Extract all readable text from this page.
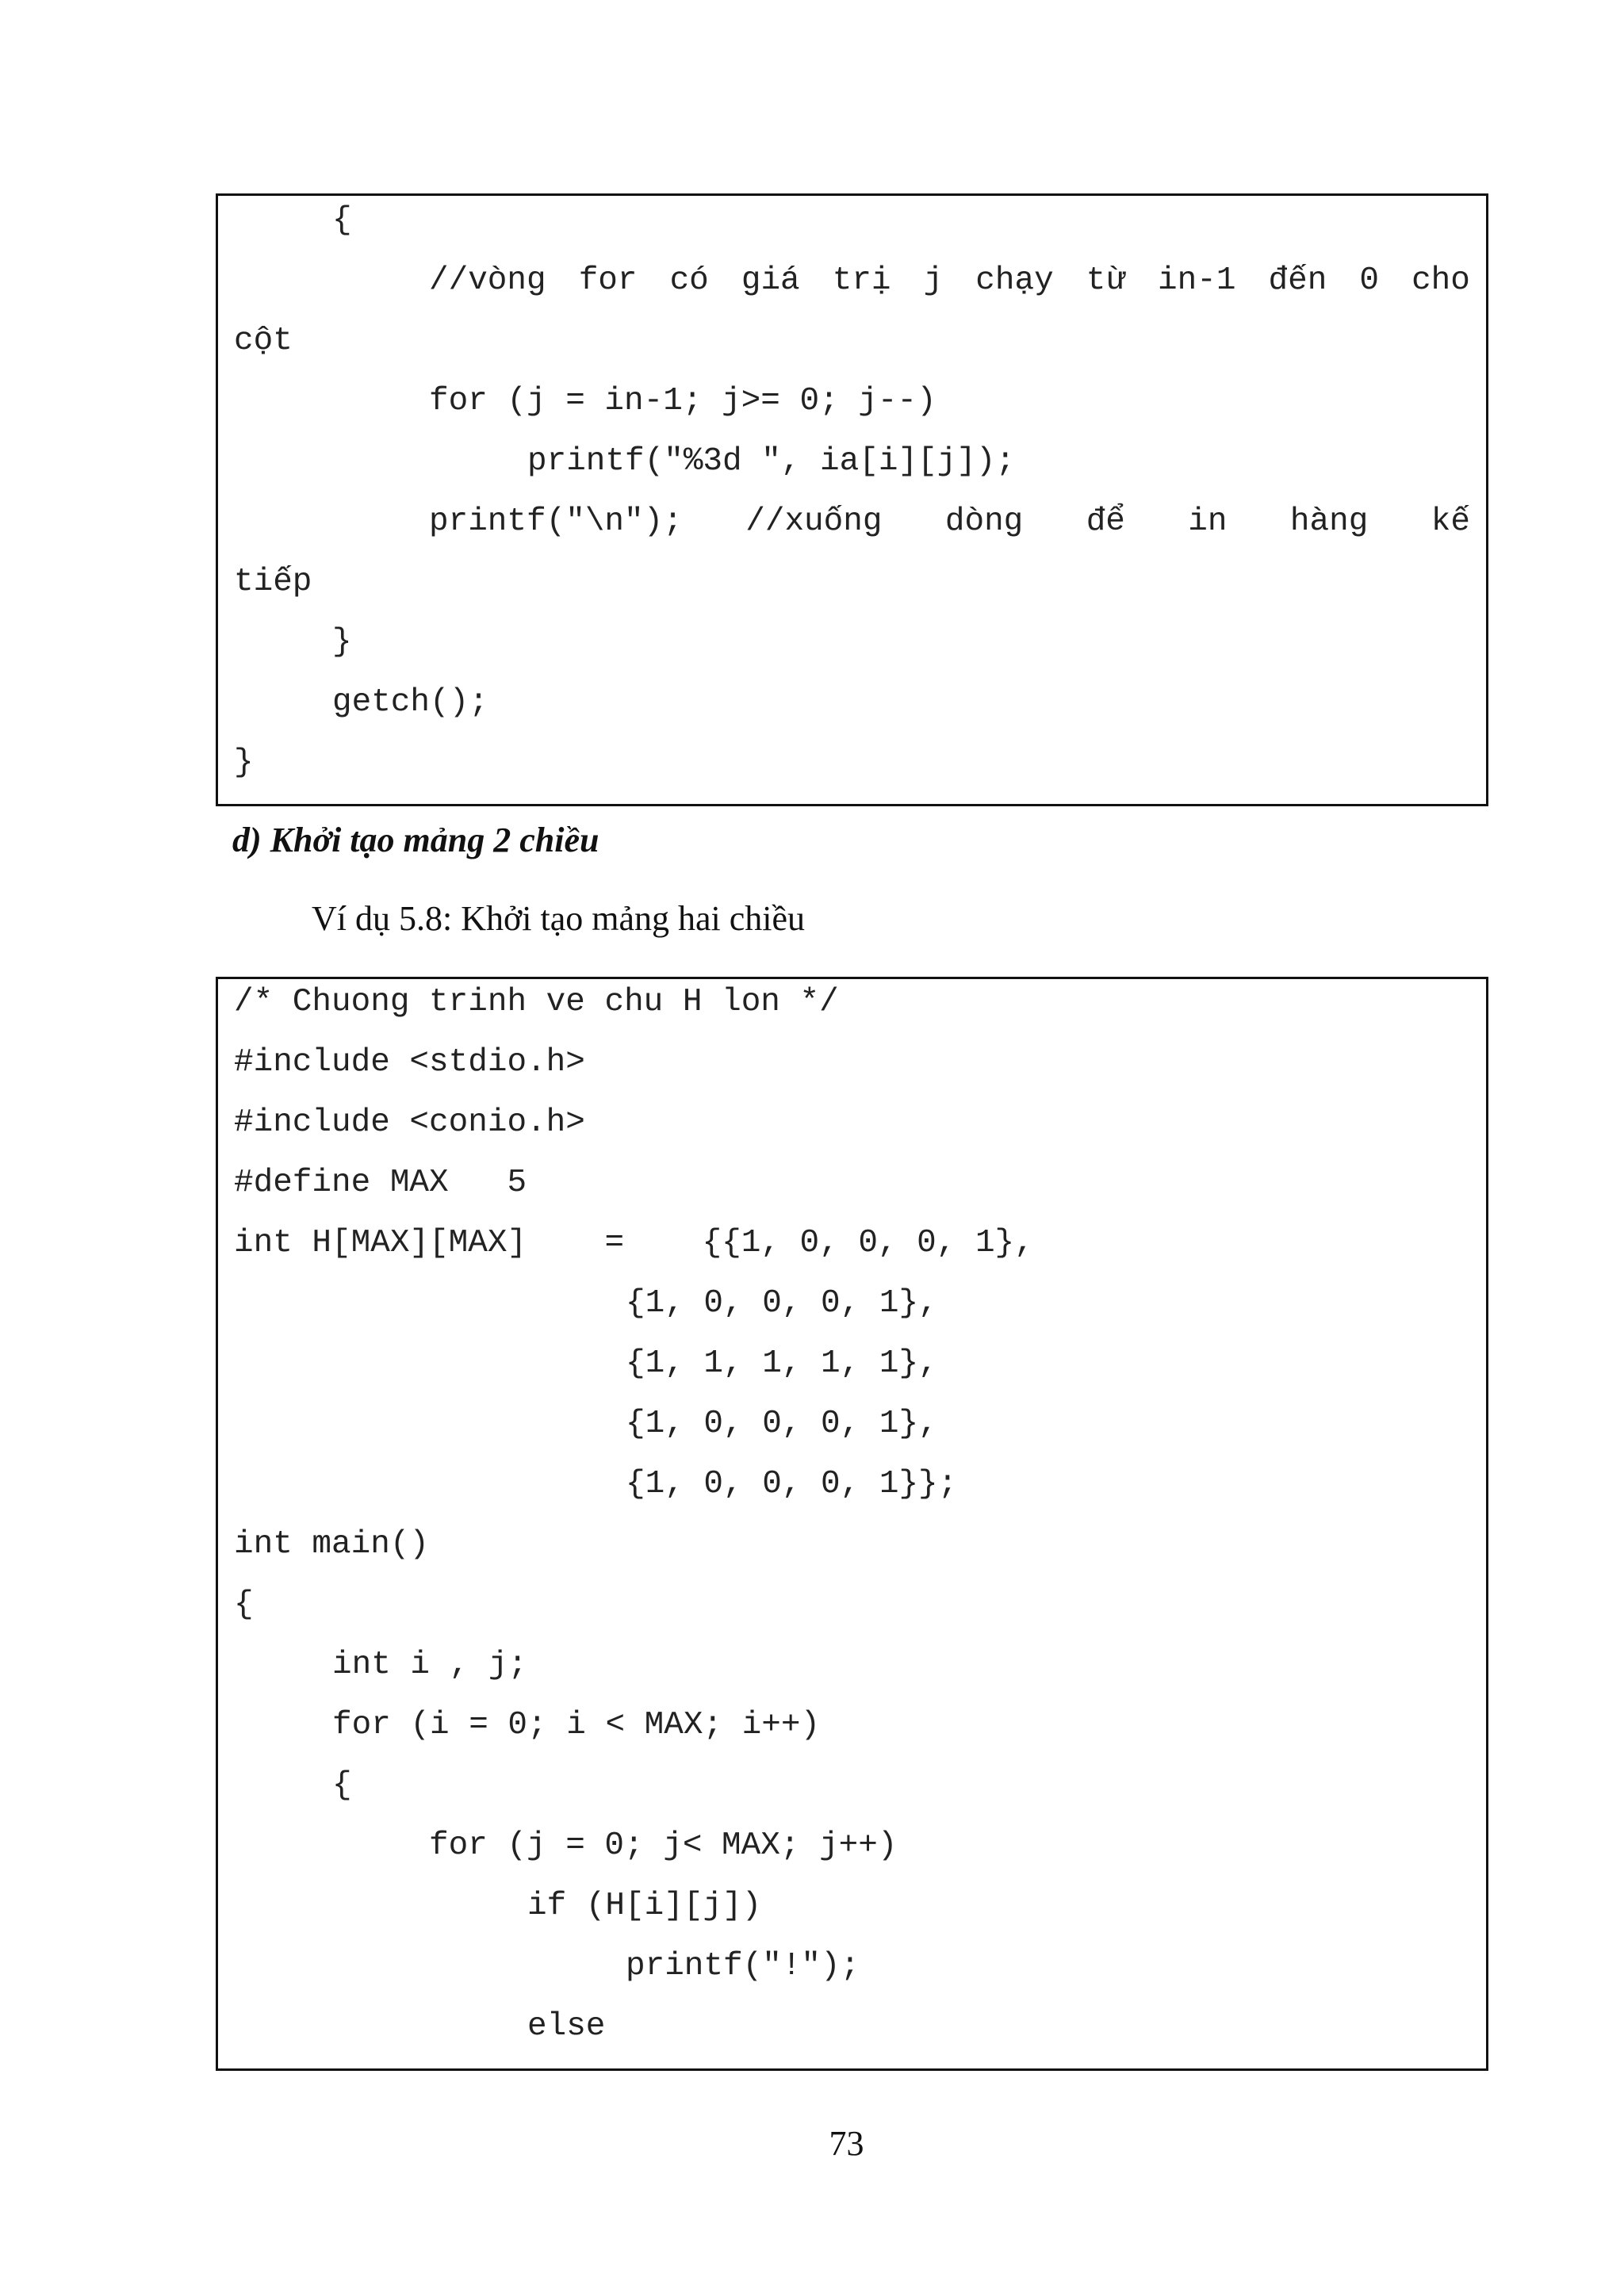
{
//vòng for có giá trị j chạy từ in-1 đến 0 cho
cột
for (j = in-1; j>= 0; j--)
printf("%3d ", ia[i][j]);
printf("\n"); //xuống dòng để in hàng kế
tiếp
}
getch();
}
d) Khởi tạo mảng 2 chiều
Ví dụ 5.8: Khởi tạo mảng hai chiều
/* Chuong trinh ve chu H lon */
#include <stdio.h>
#include <conio.h>
#define MAX   5
int H[MAX][MAX]    =    {{1, 0, 0, 0, 1},
{1, 0, 0, 0, 1},
{1, 1, 1, 1, 1},
{1, 0, 0, 0, 1},
{1, 0, 0, 0, 1}};
int main()
{
int i , j;
for (i = 0; i < MAX; i++)
{
for (j = 0; j< MAX; j++)
if (H[i][j])
printf("!");
else
73
